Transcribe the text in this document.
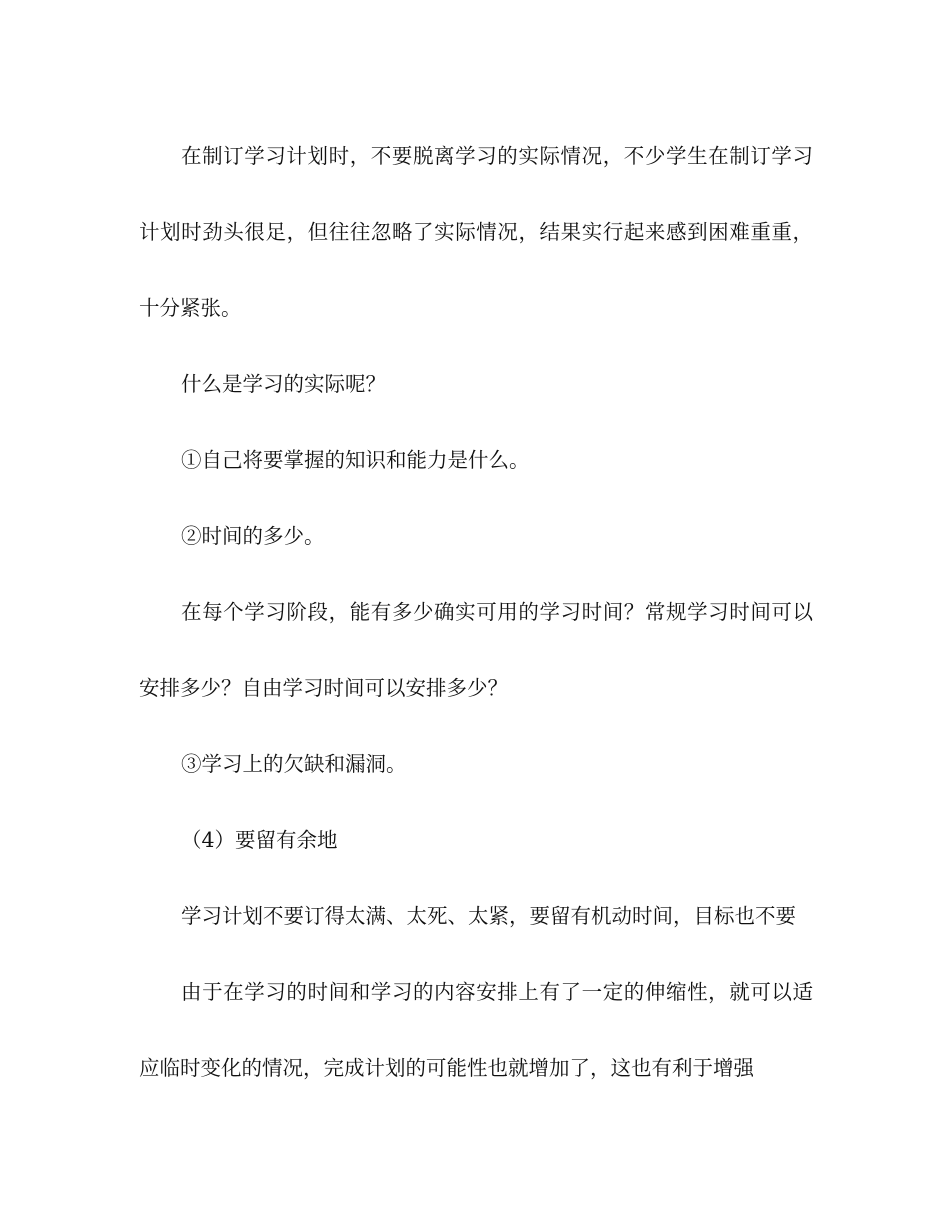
在制订学习计划时，不要脱离学习的实际情况，不少学生在制订学习计划时劲头很足，但往往忽略了实际情况，结果实行起来感到困难重重，十分紧张。

什么是学习的实际呢？

①自己将要掌握的知识和能力是什么。

②时间的多少。

在每个学习阶段，能有多少确实可用的学习时间？常规学习时间可以安排多少？自由学习时间可以安排多少？

③学习上的欠缺和漏洞。

（4）要留有余地

学习计划不要订得太满、太死、太紧，要留有机动时间，目标也不要

由于在学习的时间和学习的内容安排上有了一定的伸缩性，就可以适应临时变化的情况，完成计划的可能性也就增加了，这也有利于增强
